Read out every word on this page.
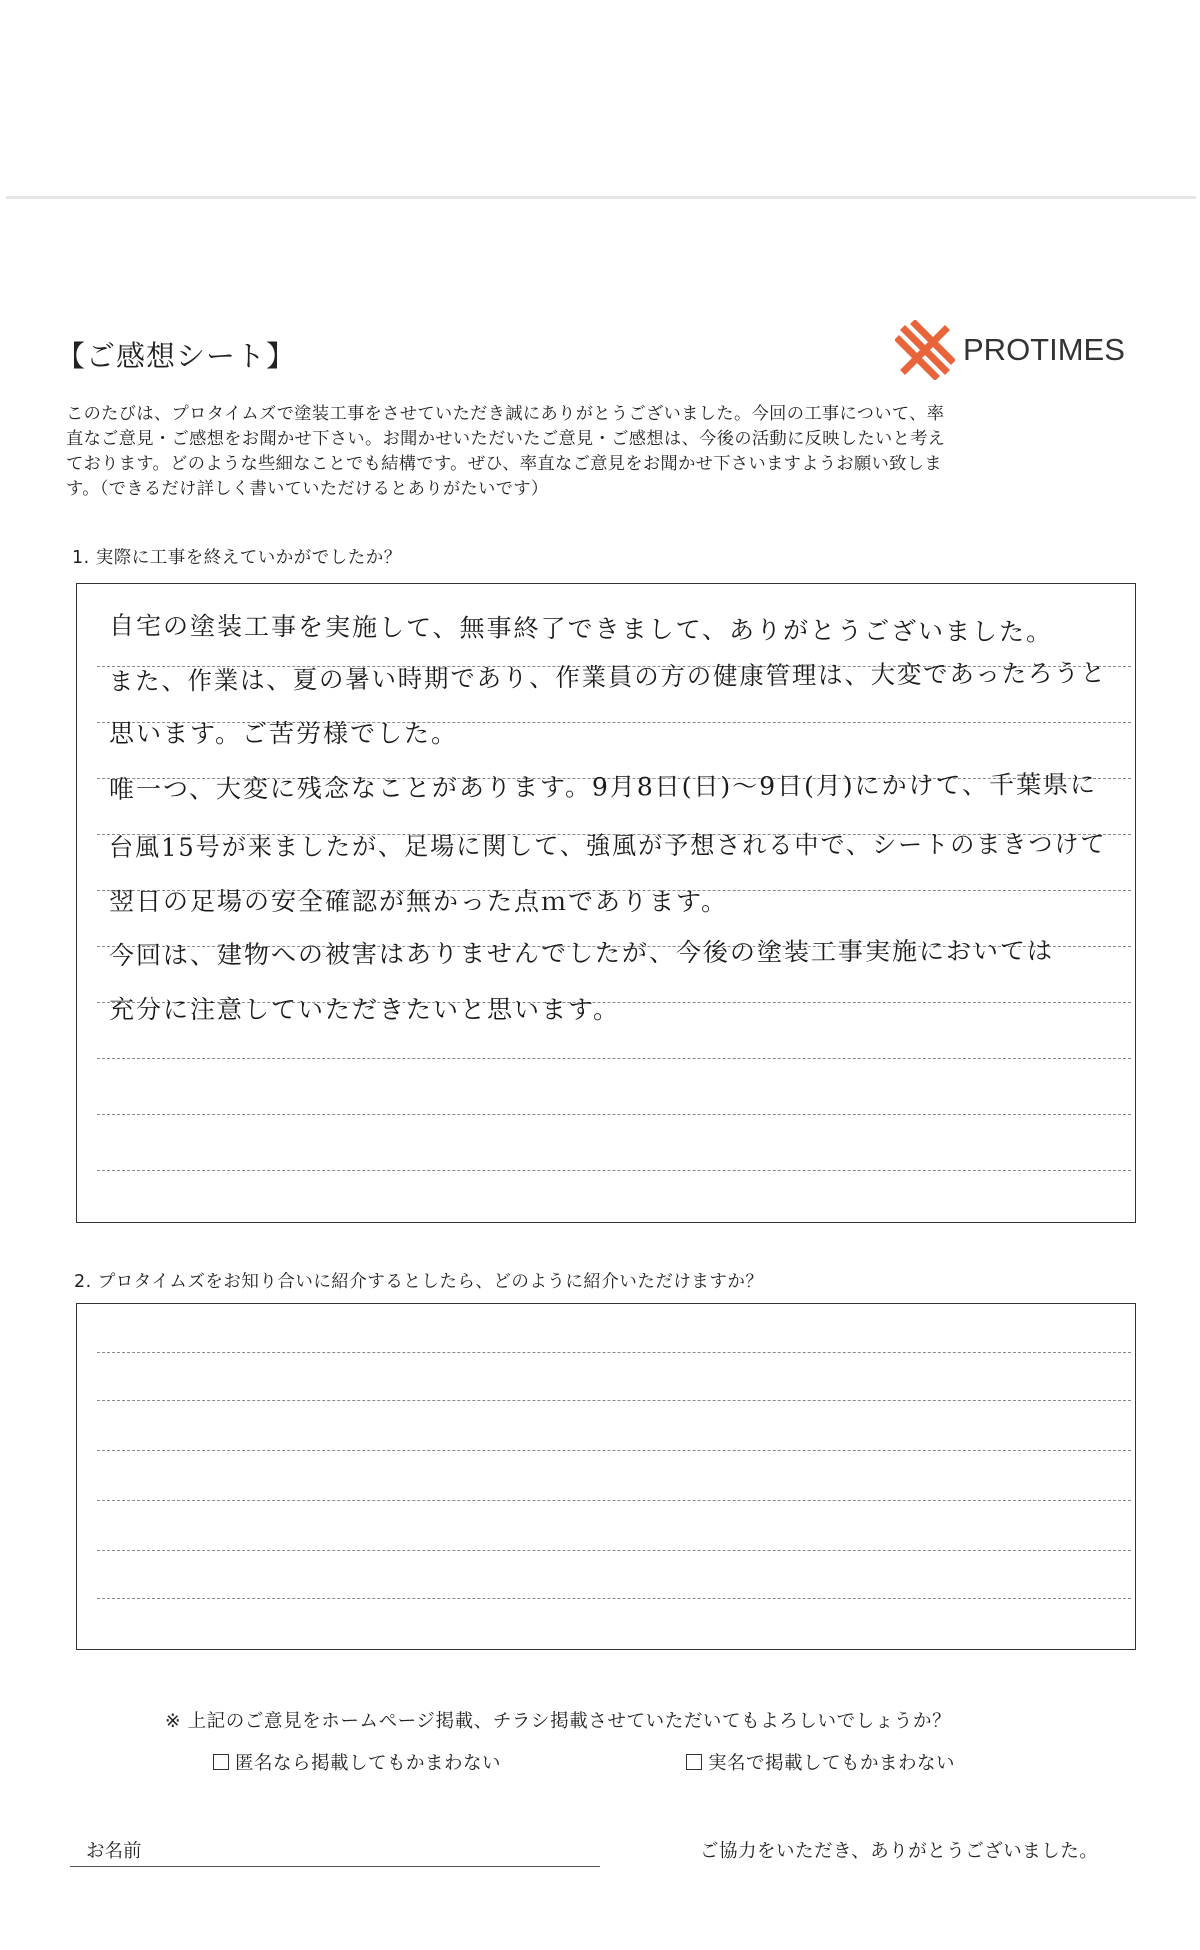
【ご感想シート】	PROTIMES
このたびは、プロタイムズで塗装工事をさせていただき誠にありがとうございました。今回の工事について、率
直なご意見・ご感想をお聞かせ下さい。お聞かせいただいたご意見・ご感想は、今後の活動に反映したいと考え
ております。どのような些細なことでも結構です。ぜひ、率直なご意見をお聞かせ下さいますようお願い致しま
す。（できるだけ詳しく書いていただけるとありがたいです）
1. 実際に工事を終えていかがでしたか？
自宅の塗装工事を実施して、無事終了できまして、ありがとうございました。
また、作業は、夏の暑い時期であり、作業員の方の健康管理は、大変であったろうと
思います。ご苦労様でした。
唯一つ、大変に残念なことがあります。9月8日(日)～9日(月)にかけて、千葉県に
台風15号が来ましたが、足場に関して、強風が予想される中で、シートのまきつけて
翌日の足場の安全確認が無かった点ｍであります。
今回は、建物への被害はありませんでしたが、今後の塗装工事実施においては
充分に注意していただきたいと思います。
2. プロタイムズをお知り合いに紹介するとしたら、どのように紹介いただけますか？
※ 上記のご意見をホームページ掲載、チラシ掲載させていただいてもよろしいでしょうか？
匿名なら掲載してもかまわない	実名で掲載してもかまわない
お名前	ご協力をいただき、ありがとうございました。
